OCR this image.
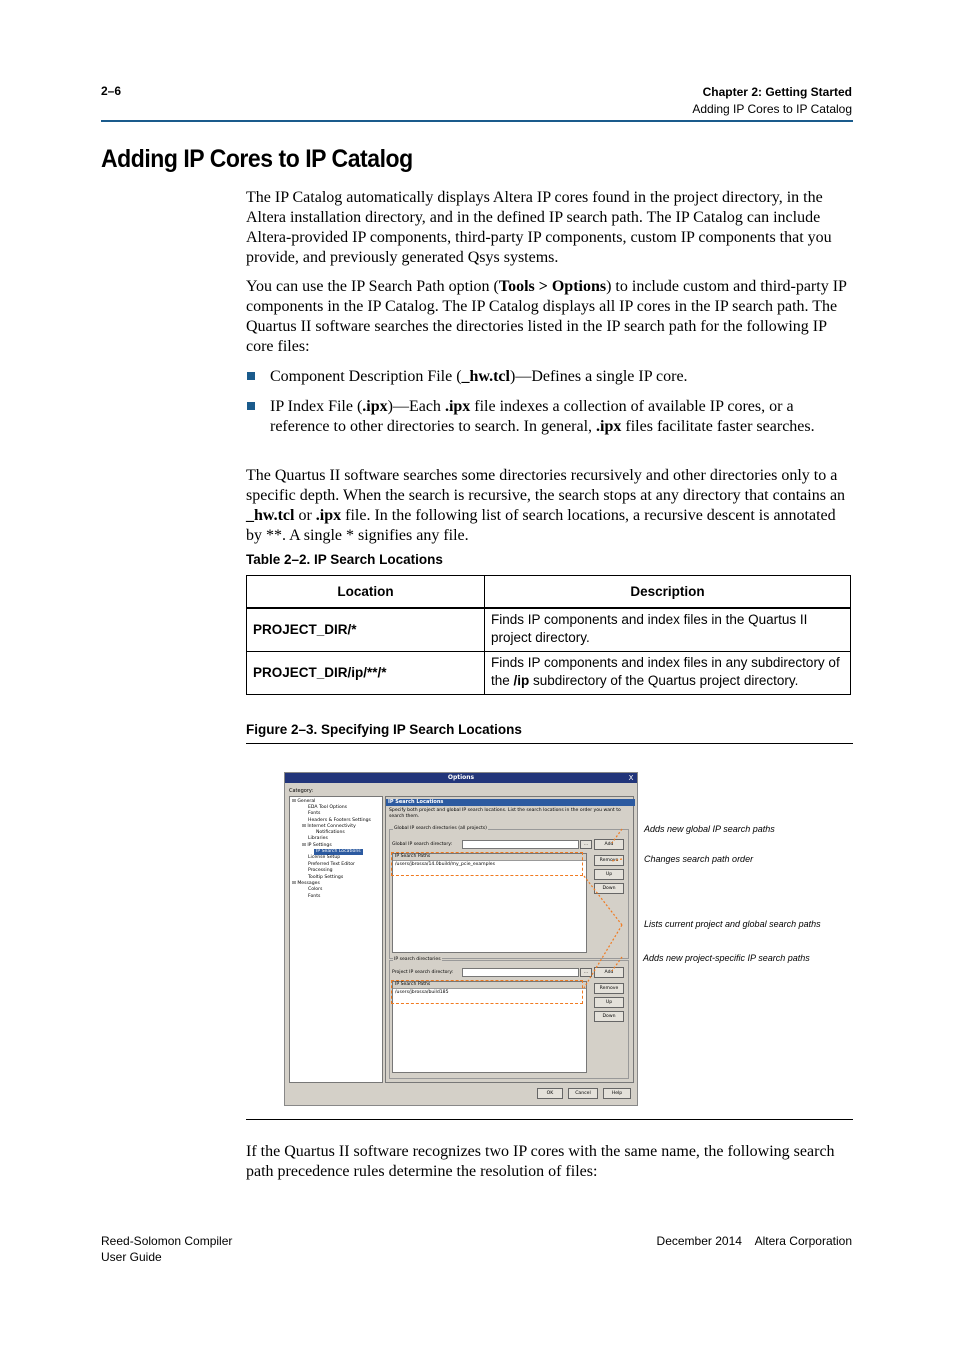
2–6	Chapter 2: Getting Started
Adding IP Cores to IP Catalog
Adding IP Cores to IP Catalog
The IP Catalog automatically displays Altera IP cores found in the project directory, in the Altera installation directory, and in the defined IP search path. The IP Catalog can include Altera-provided IP components, third-party IP components, custom IP components that you provide, and previously generated Qsys systems.
You can use the IP Search Path option (Tools > Options) to include custom and third-party IP components in the IP Catalog. The IP Catalog displays all IP cores in the IP search path. The Quartus II software searches the directories listed in the IP search path for the following IP core files:
Component Description File (_hw.tcl)—Defines a single IP core.
IP Index File (.ipx)—Each .ipx file indexes a collection of available IP cores, or a reference to other directories to search. In general, .ipx files facilitate faster searches.
The Quartus II software searches some directories recursively and other directories only to a specific depth. When the search is recursive, the search stops at any directory that contains an _hw.tcl or .ipx file. In the following list of search locations, a recursive descent is annotated by **. A single * signifies any file.
Table 2–2. IP Search Locations
Location	Description
PROJECT_DIR/*	Finds IP components and index files in the Quartus II project directory.
PROJECT_DIR/ip/**/*	Finds IP components and index files in any subdirectory of the /ip subdirectory of the Quartus project directory.
Figure 2–3. Specifying IP Search Locations
Options	X
Category:
⊟ General
EDA Tool Options
Fonts
Headers & Footers Settings
⊟ Internet Connectivity
Notifications
Libraries
⊟ IP Settings
IP Search Locations
License Setup
Preferred Text Editor
Processing
Tooltip Settings
⊟ Messages
Colors
Fonts
IP Search Locations
Specify both project and global IP search locations. List the search locations in the order you want to search them.
Global IP search directories (all projects)
Global IP search directory:	...	Add
IP Search Paths
/users/jbrossa/14.0build/my_pcie_examples
Remove
Up
Down
IP search directories
Project IP search directory:	...	Add
IP Search Paths
/users/jbrossa/build185
Remove
Up
Down
OK	Cancel	Help
Adds new global IP search paths
Changes search path order
Lists current project and global search paths
Adds new project-specific IP search paths
If the Quartus II software recognizes two IP cores with the same name, the following search path precedence rules determine the resolution of files:
Reed-Solomon Compiler
User Guide
December 2014    Altera Corporation
